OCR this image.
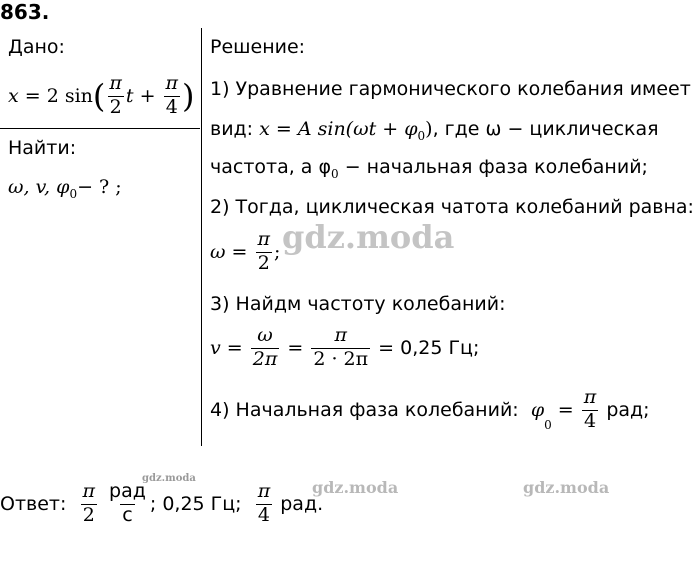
863.
Дано:
x = 2 sin ( $\frac{\pi}{2}$ $t + \frac{\pi}{4}$ )
Найти:
ω, v, $\varphi_0-$ ? ;
Решение:
1) Уравнение гармонического колебания имеет
вид: x = A $\sin(\omega t + \varphi_0)$, где ω − циклическая
частота, а $\varphi_0$ − начальная фаза колебаний;
2) Тогда, циклическая чатота колебаний равна:
$\omega = \frac{\pi}{2}$ ;
3) Найдм частоту колебаний:
$v = \frac{\omega}{2\pi} = \frac{\pi}{2 \cdot 2\pi}$
= 0,25 Гц;
4) Начальная фаза колебаний:
φ
$_0$
= $\frac{\pi}{4}$
рад;
Ответ:
$\frac{\pi}{2}$
$\frac{\text{рад}}{с}$ ; 0,25 Гц;
$\frac{\pi}{4}$
рад.
gdz.moda
gdz.moda	gdz.moda	gdz.moda
